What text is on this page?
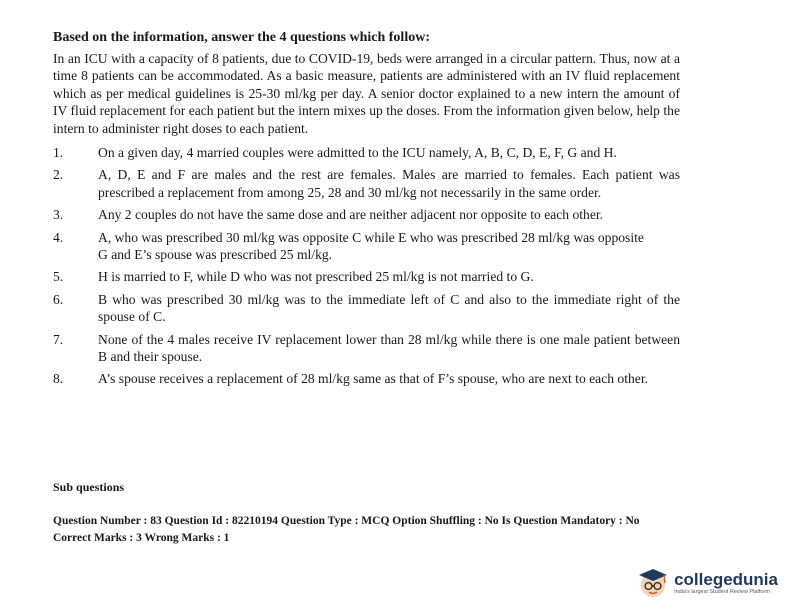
Based on the information, answer the 4 questions which follow:
In an ICU with a capacity of 8 patients, due to COVID-19, beds were arranged in a circular pattern. Thus, now at a time 8 patients can be accommodated. As a basic measure, patients are administered with an IV fluid replacement which as per medical guidelines is 25-30 ml/kg per day. A senior doctor explained to a new intern the amount of IV fluid replacement for each patient but the intern mixes up the doses. From the information given below, help the intern to administer right doses to each patient.
1.	On a given day, 4 married couples were admitted to the ICU namely, A, B, C, D, E, F, G and H.
2.	A, D, E and F are males and the rest are females. Males are married to females. Each patient was prescribed a replacement from among 25, 28 and 30 ml/kg not necessarily in the same order.
3.	Any 2 couples do not have the same dose and are neither adjacent nor opposite to each other.
4.	A, who was prescribed 30 ml/kg was opposite C while E who was prescribed 28 ml/kg was opposite
G and E’s spouse was prescribed 25 ml/kg.
5.	H is married to F, while D who was not prescribed 25 ml/kg is not married to G.
6.	B who was prescribed 30 ml/kg was to the immediate left of C and also to the immediate right of the spouse of C.
7.	None of the 4 males receive IV replacement lower than 28 ml/kg while there is one male patient between B and their spouse.
8.	A’s spouse receives a replacement of 28 ml/kg same as that of F’s spouse, who are next to each other.
Sub questions
Question Number : 83 Question Id : 82210194 Question Type : MCQ Option Shuffling : No Is Question Mandatory : No
Correct Marks : 3 Wrong Marks : 1
collegedunia
India's largest Student Review Platform
